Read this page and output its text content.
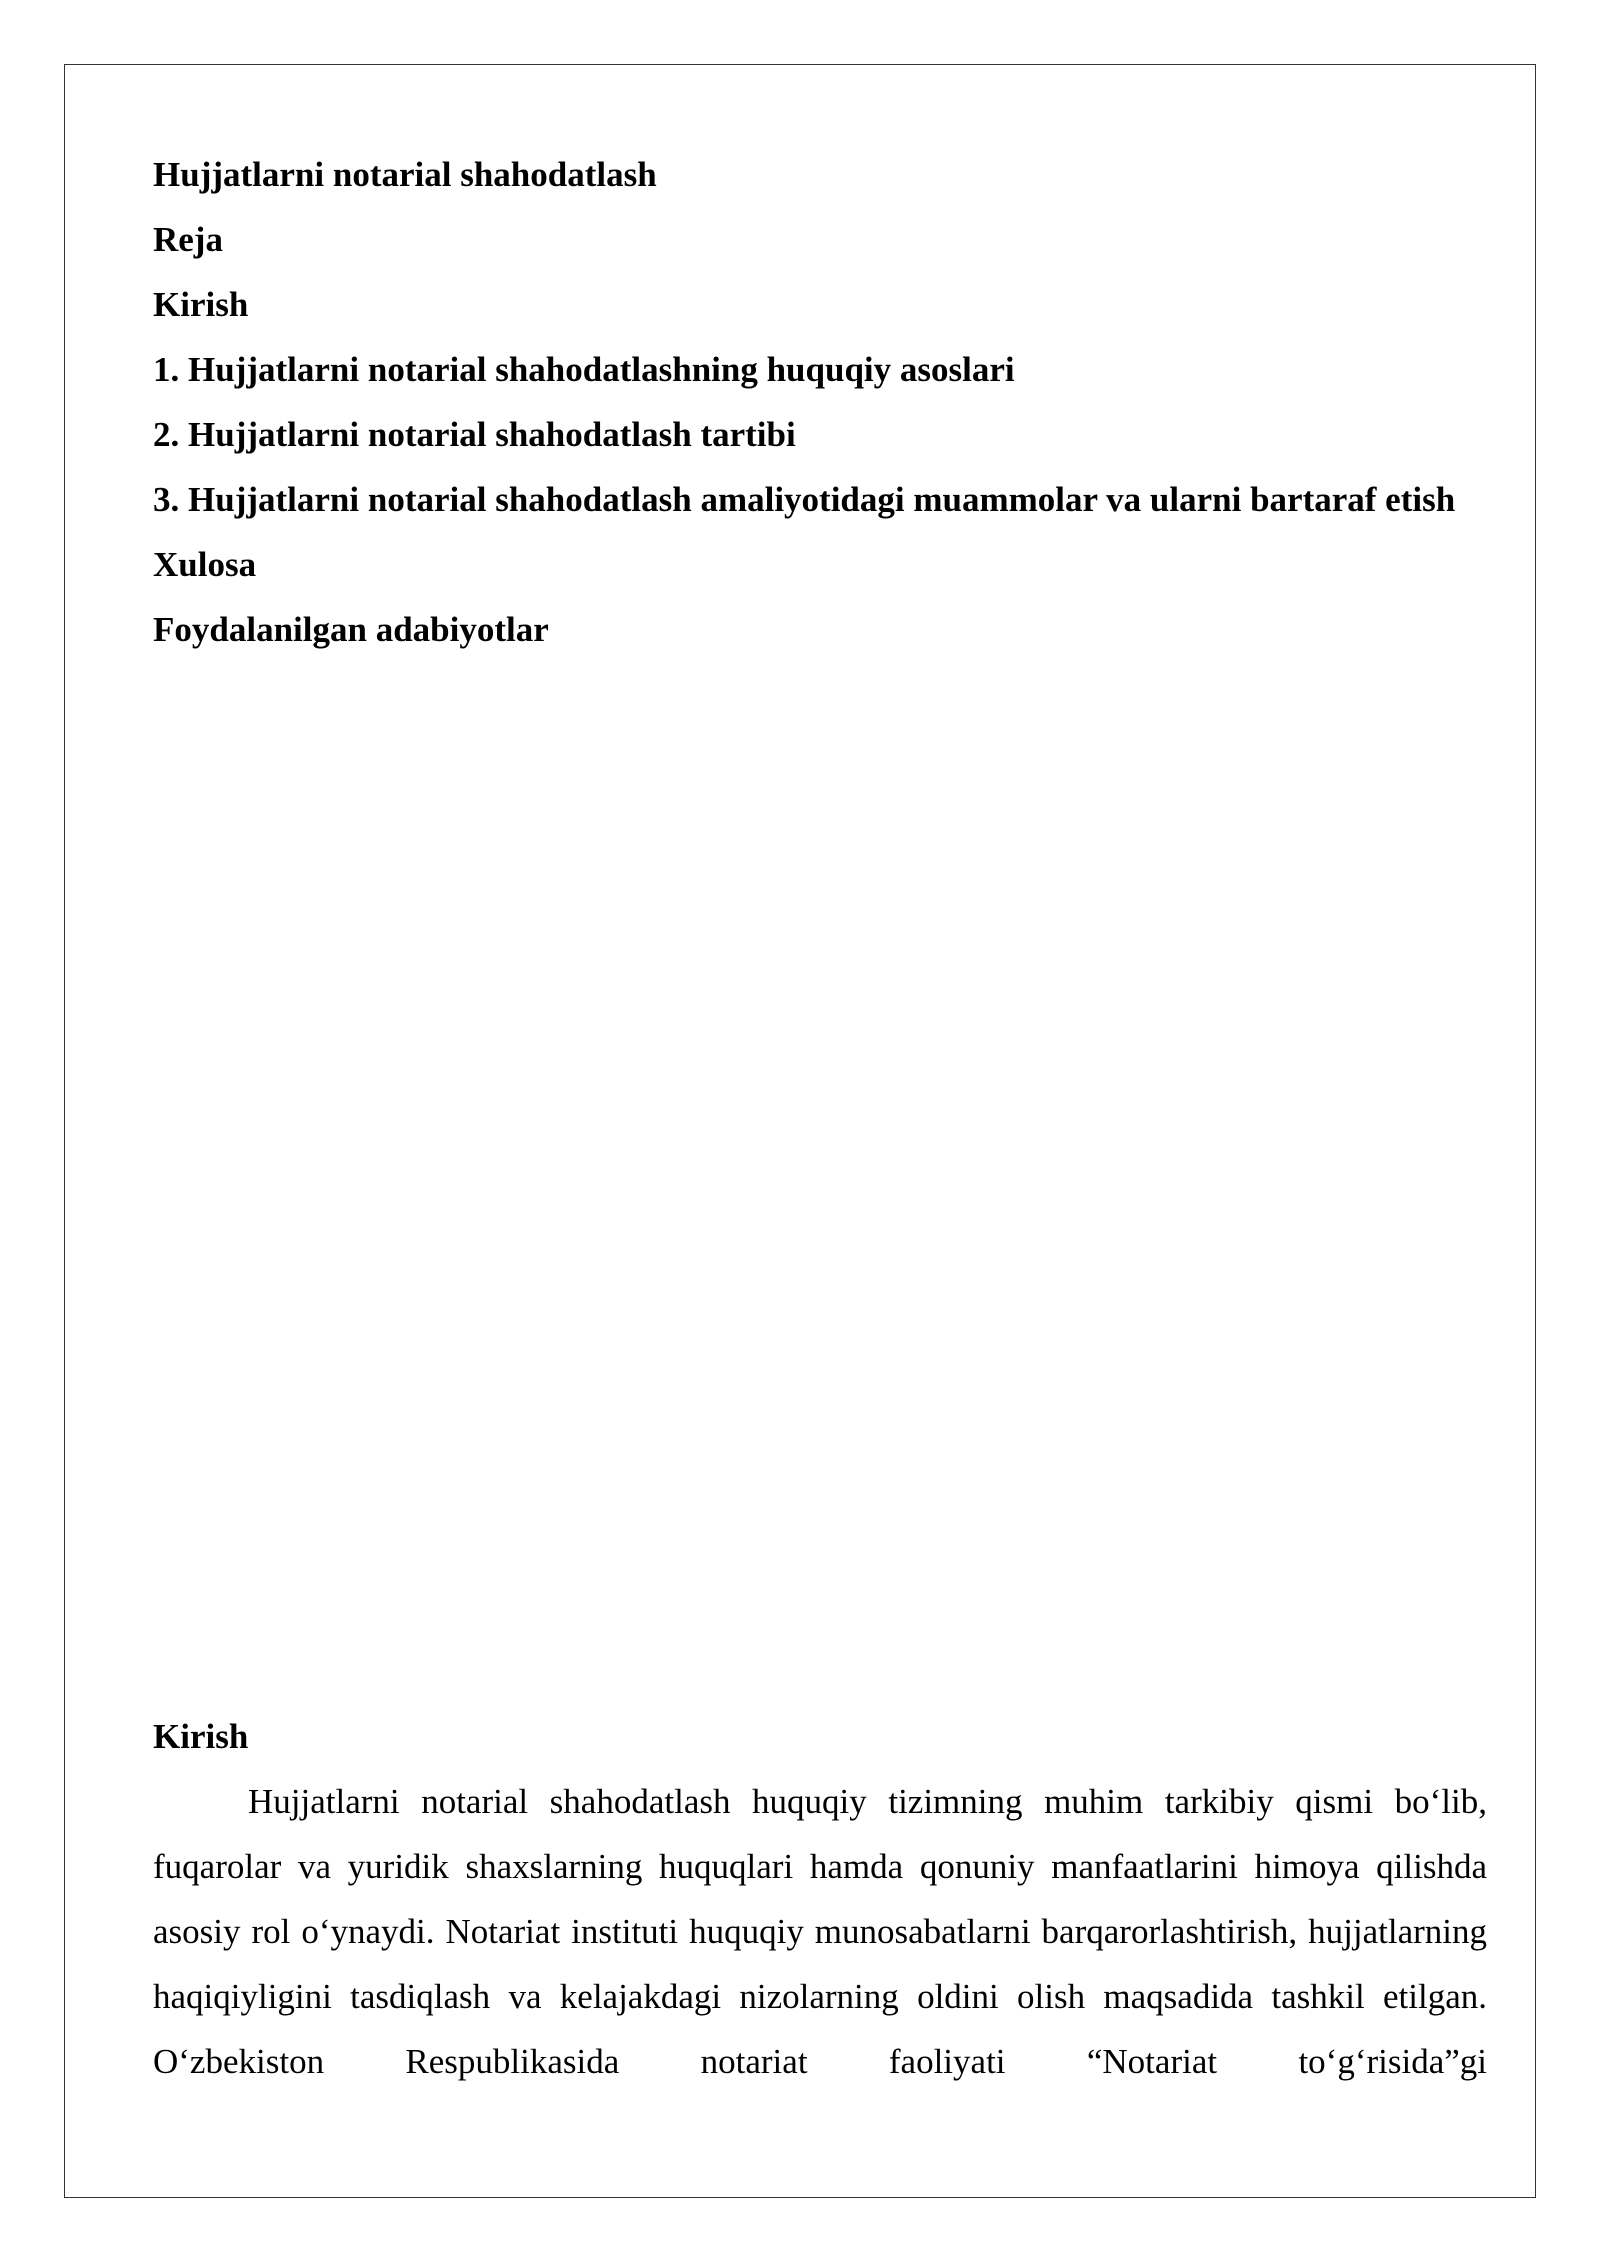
Hujjatlarni notarial shahodatlash

Reja

Kirish

1. Hujjatlarni notarial shahodatlashning huquqiy asoslari

2. Hujjatlarni notarial shahodatlash tartibi

3. Hujjatlarni notarial shahodatlash amaliyotidagi muammolar va ularni bartaraf etish

Xulosa

Foydalanilgan adabiyotlar

Kirish

Hujjatlarni notarial shahodatlash huquqiy tizimning muhim tarkibiy qismi bo‘lib, fuqarolar va yuridik shaxslarning huquqlari hamda qonuniy manfaatlarini himoya qilishda asosiy rol o‘ynaydi. Notariat instituti huquqiy munosabatlarni barqarorlashtirish, hujjatlarning haqiqiyligini tasdiqlash va kelajakdagi nizolarning oldini olish maqsadida tashkil etilgan. O‘zbekiston Respublikasida notariat faoliyati “Notariat to‘g‘risida”gi
